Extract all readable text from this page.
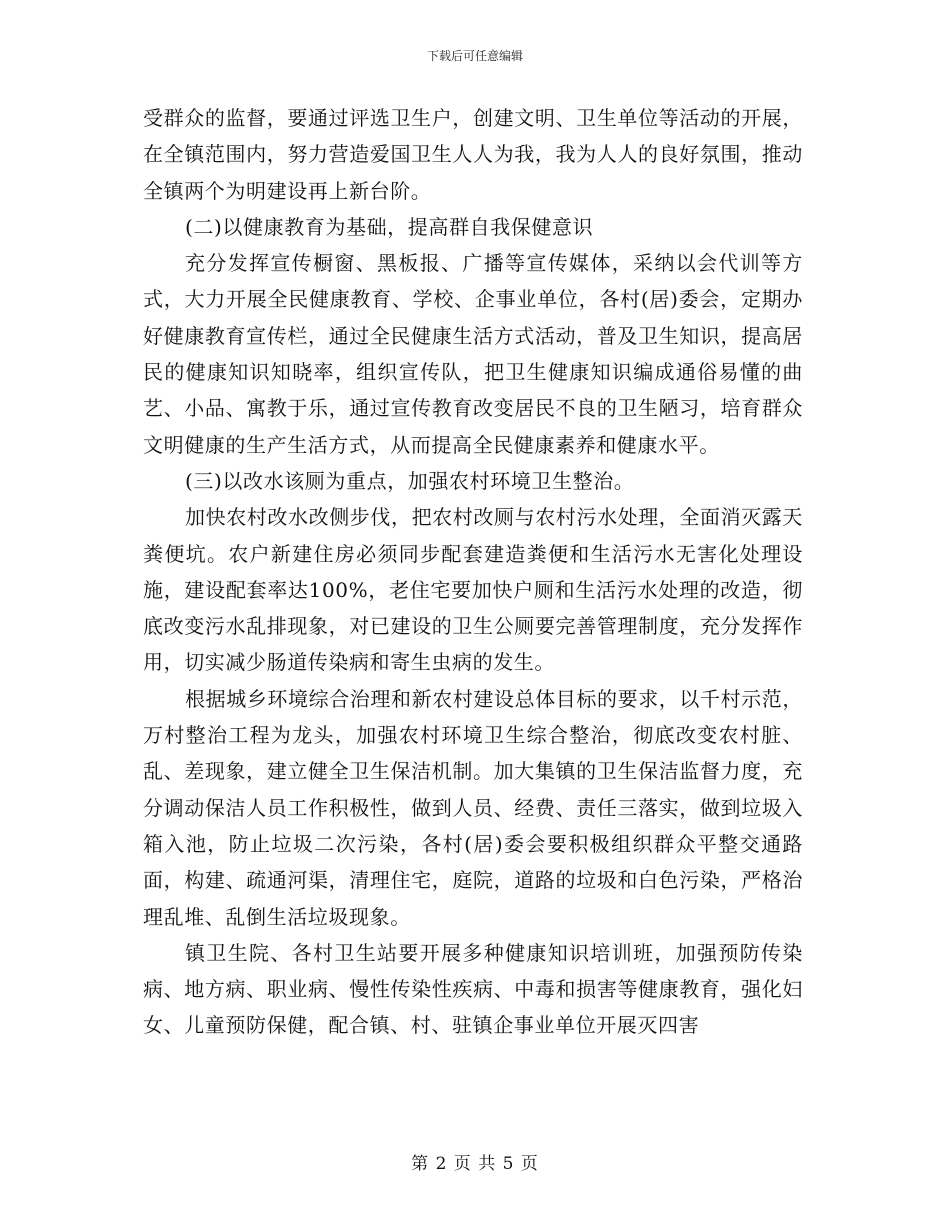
下载后可任意编辑

受群众的监督，要通过评选卫生户，创建文明、卫生单位等活动的开展，在全镇范围内，努力营造爱国卫生人人为我，我为人人的良好氛围，推动全镇两个为明建设再上新台阶。

(二)以健康教育为基础，提高群自我保健意识

充分发挥宣传橱窗、黑板报、广播等宣传媒体，采纳以会代训等方式，大力开展全民健康教育、学校、企事业单位，各村(居)委会，定期办好健康教育宣传栏，通过全民健康生活方式活动，普及卫生知识，提高居民的健康知识知晓率，组织宣传队，把卫生健康知识编成通俗易懂的曲艺、小品、寓教于乐，通过宣传教育改变居民不良的卫生陋习，培育群众文明健康的生产生活方式，从而提高全民健康素养和健康水平。

(三)以改水该厕为重点，加强农村环境卫生整治。

加快农村改水改侧步伐，把农村改厕与农村污水处理，全面消灭露天粪便坑。农户新建住房必须同步配套建造粪便和生活污水无害化处理设施，建设配套率达100%，老住宅要加快户厕和生活污水处理的改造，彻底改变污水乱排现象，对已建设的卫生公厕要完善管理制度，充分发挥作用，切实减少肠道传染病和寄生虫病的发生。

根据城乡环境综合治理和新农村建设总体目标的要求，以千村示范，万村整治工程为龙头，加强农村环境卫生综合整治，彻底改变农村脏、乱、差现象，建立健全卫生保洁机制。加大集镇的卫生保洁监督力度，充分调动保洁人员工作积极性，做到人员、经费、责任三落实，做到垃圾入箱入池，防止垃圾二次污染，各村(居)委会要积极组织群众平整交通路面，构建、疏通河渠，清理住宅，庭院，道路的垃圾和白色污染，严格治理乱堆、乱倒生活垃圾现象。

镇卫生院、各村卫生站要开展多种健康知识培训班，加强预防传染病、地方病、职业病、慢性传染性疾病、中毒和损害等健康教育，强化妇女、儿童预防保健，配合镇、村、驻镇企事业单位开展灭四害

第 2 页 共 5 页
